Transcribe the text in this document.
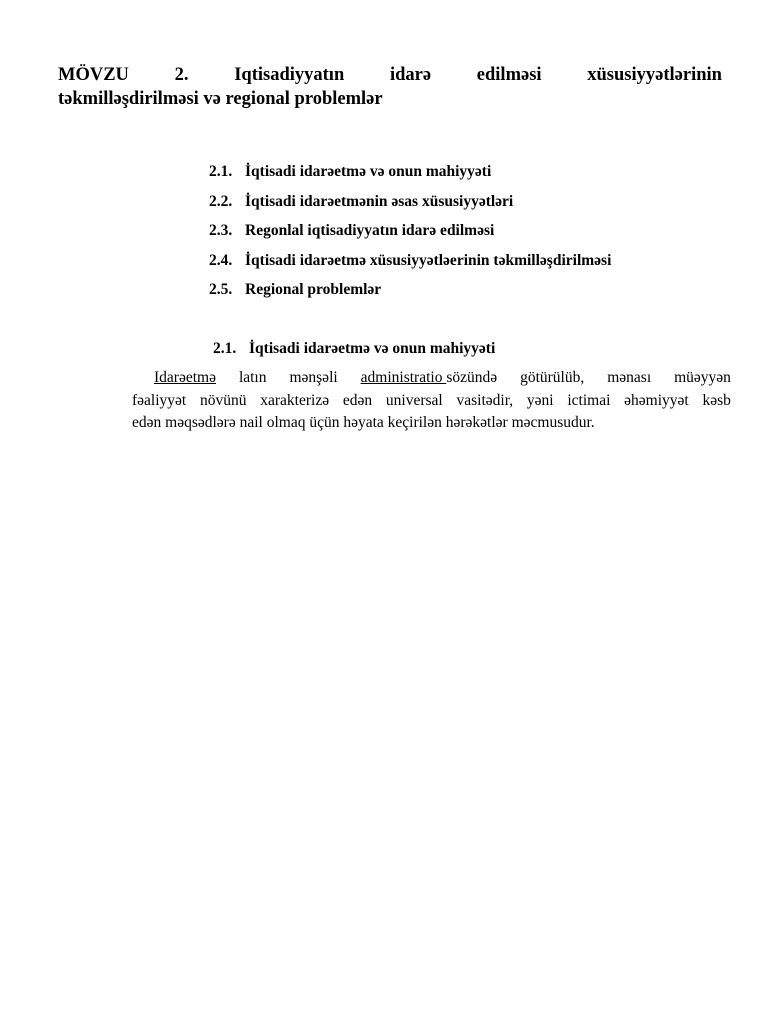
MÖVZU 2. Iqtisadiyyatın idarə edilməsi xüsusiyyətlərinin
təkmilləşdirilməsi və regional problemlər
2.1. İqtisadi idarəetmə və onun mahiyyəti
2.2. İqtisadi idarəetmənin əsas xüsusiyyətləri
2.3. Regonlal iqtisadiyyatın idarə edilməsi
2.4. İqtisadi idarəetmə xüsusiyyətləerinin təkmilləşdirilməsi
2.5. Regional problemlər
2.1. İqtisadi idarəetmə və onun mahiyyəti
Idarəetmə latın mənşəli administratio sözündə götürülüb, mənası müəyyən
fəaliyyət növünü xarakterizə edən universal vasitədir, yəni ictimai əhəmiyyət kəsb
edən məqsədlərə nail olmaq üçün həyata keçirilən hərəkətlər məcmusudur.
